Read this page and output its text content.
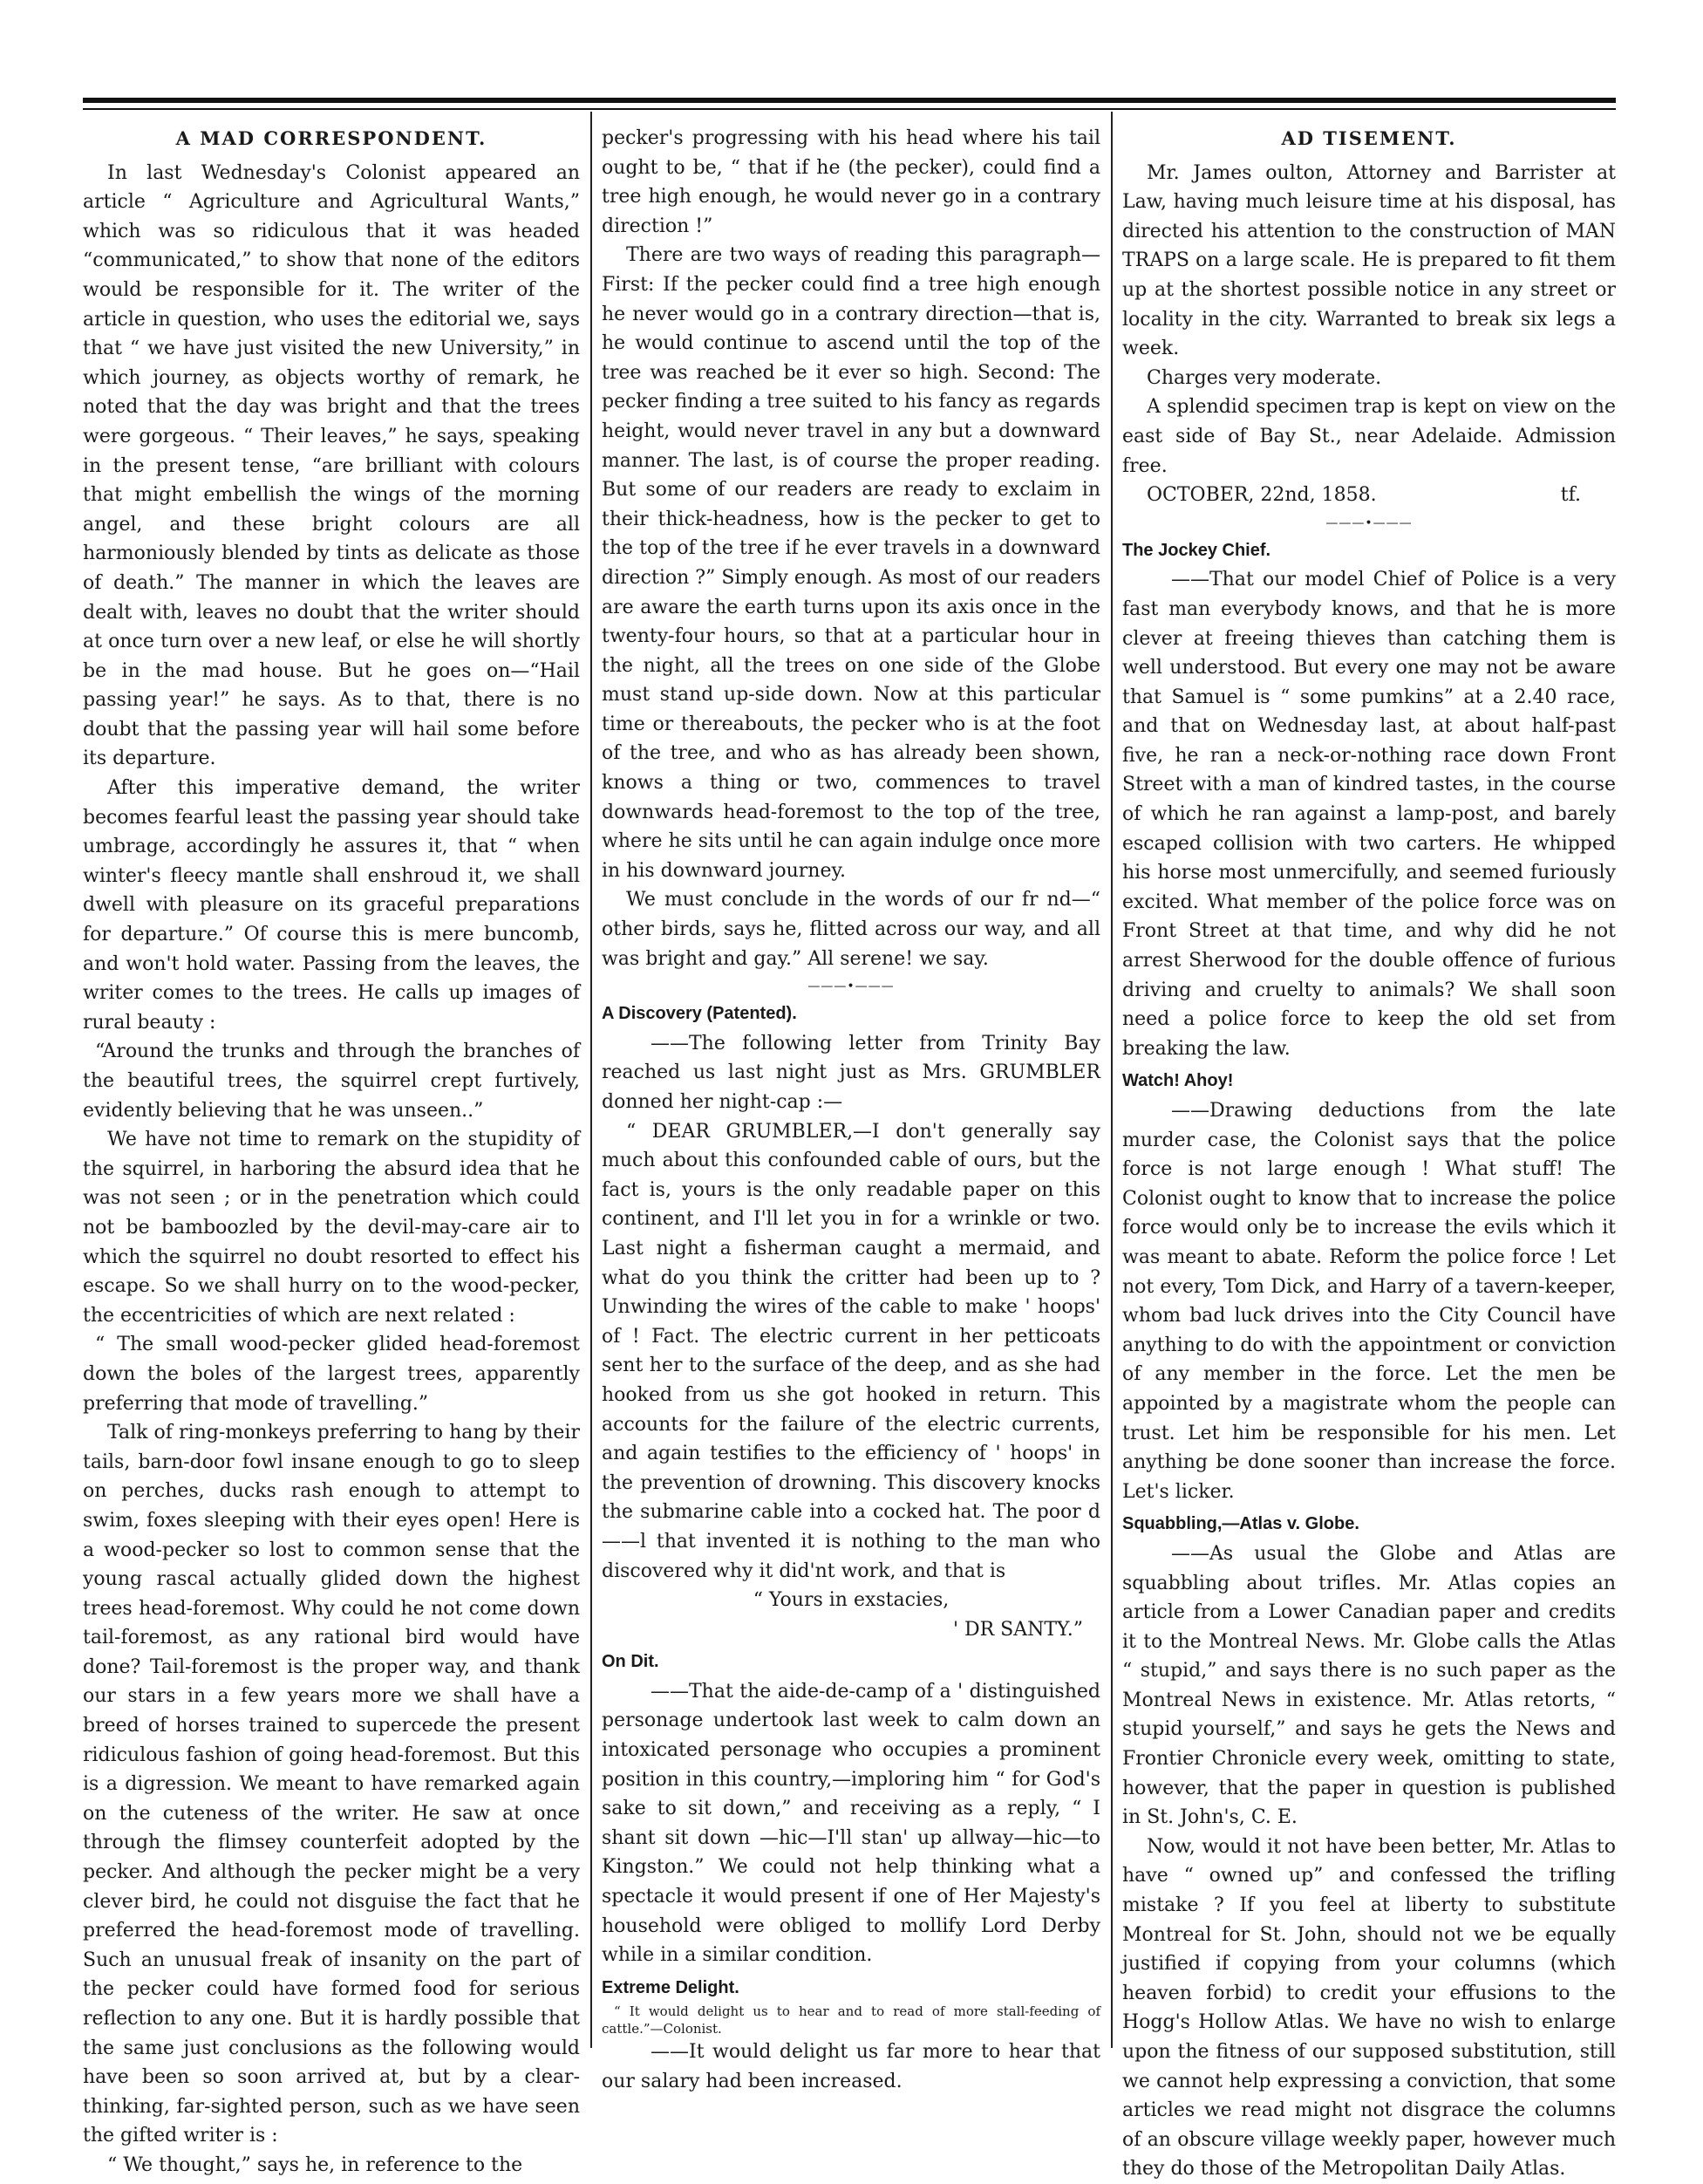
A MAD CORRESPONDENT.

In last Wednesday's Colonist appeared an article “ Agriculture and Agricultural Wants,” which was so ridiculous that it was headed “communicated,” to show that none of the editors would be responsible for it. The writer of the article in question, who uses the editorial we, says that “ we have just visited the new University,” in which journey, as objects worthy of remark, he noted that the day was bright and that the trees were gorgeous. “ Their leaves,” he says, speaking in the present tense, “are brilliant with colours that might embellish the wings of the morning angel, and these bright colours are all harmoniously blended by tints as delicate as those of death.” The manner in which the leaves are dealt with, leaves no doubt that the writer should at once turn over a new leaf, or else he will shortly be in the mad house. But he goes on—“Hail passing year!” he says. As to that, there is no doubt that the passing year will hail some before its departure.

After this imperative demand, the writer becomes fearful least the passing year should take umbrage, accordingly he assures it, that “ when winter's fleecy mantle shall enshroud it, we shall dwell with pleasure on its graceful preparations for departure.” Of course this is mere buncomb, and won't hold water. Passing from the leaves, the writer comes to the trees. He calls up images of rural beauty :

“Around the trunks and through the branches of the beautiful trees, the squirrel crept furtively, evidently believing that he was unseen..”

We have not time to remark on the stupidity of the squirrel, in harboring the absurd idea that he was not seen ; or in the penetration which could not be bamboozled by the devil-may-care air to which the squirrel no doubt resorted to effect his escape. So we shall hurry on to the wood-pecker, the eccentricities of which are next related :

“ The small wood-pecker glided head-foremost down the boles of the largest trees, apparently preferring that mode of travelling.”

Talk of ring-monkeys preferring to hang by their tails, barn-door fowl insane enough to go to sleep on perches, ducks rash enough to attempt to swim, foxes sleeping with their eyes open! Here is a wood-pecker so lost to common sense that the young rascal actually glided down the highest trees head-foremost. Why could he not come down tail-foremost, as any rational bird would have done? Tail-foremost is the proper way, and thank our stars in a few years more we shall have a breed of horses trained to supercede the present ridiculous fashion of going head-foremost. But this is a digression. We meant to have remarked again on the cuteness of the writer. He saw at once through the flimsey counterfeit adopted by the pecker. And although the pecker might be a very clever bird, he could not disguise the fact that he preferred the head-foremost mode of travelling. Such an unusual freak of insanity on the part of the pecker could have formed food for serious reflection to any one. But it is hardly possible that the same just conclusions as the following would have been so soon arrived at, but by a clear-thinking, far-sighted person, such as we have seen the gifted writer is :

“ We thought,” says he, in reference to the

pecker's progressing with his head where his tail ought to be, “ that if he (the pecker), could find a tree high enough, he would never go in a contrary direction !”

There are two ways of reading this paragraph—First: If the pecker could find a tree high enough he never would go in a contrary direction—that is, he would continue to ascend until the top of the tree was reached be it ever so high. Second: The pecker finding a tree suited to his fancy as regards height, would never travel in any but a downward manner. The last, is of course the proper reading. But some of our readers are ready to exclaim in their thick-headness, how is the pecker to get to the top of the tree if he ever travels in a downward direction ?” Simply enough. As most of our readers are aware the earth turns upon its axis once in the twenty-four hours, so that at a particular hour in the night, all the trees on one side of the Globe must stand up-side down. Now at this particular time or thereabouts, the pecker who is at the foot of the tree, and who as has already been shown, knows a thing or two, commences to travel downwards head-foremost to the top of the tree, where he sits until he can again indulge once more in his downward journey.

We must conclude in the words of our fr nd—“ other birds, says he, flitted across our way, and all was bright and gay.” All serene! we say.

———•———
A Discovery (Patented).

——The following letter from Trinity Bay reached us last night just as Mrs. GRUMBLER donned her night-cap :—

“ DEAR GRUMBLER,—I don't generally say much about this confounded cable of ours, but the fact is, yours is the only readable paper on this continent, and I'll let you in for a wrinkle or two. Last night a fisherman caught a mermaid, and what do you think the critter had been up to ? Unwinding the wires of the cable to make ' hoops' of ! Fact. The electric current in her petticoats sent her to the surface of the deep, and as she had hooked from us she got hooked in return. This accounts for the failure of the electric currents, and again testifies to the efficiency of ' hoops' in the prevention of drowning. This discovery knocks the submarine cable into a cocked hat. The poor d——l that invented it is nothing to the man who discovered why it did'nt work, and that is

“ Yours in exstacies,

' DR SANTY.”

On Dit.

——That the aide-de-camp of a ' distinguished personage undertook last week to calm down an intoxicated personage who occupies a prominent position in this country,—imploring him “ for God's sake to sit down,” and receiving as a reply, “ I shant sit down —hic—I'll stan' up allway—hic—to Kingston.” We could not help thinking what a spectacle it would present if one of Her Majesty's household were obliged to mollify Lord Derby while in a similar condition.

Extreme Delight.

“ It would delight us to hear and to read of more stall-feeding of cattle.”—Colonist.

——It would delight us far more to hear that our salary had been increased.

AD TISEMENT.

Mr. James oulton, Attorney and Barrister at Law, having much leisure time at his disposal, has directed his attention to the construction of MAN TRAPS on a large scale. He is prepared to fit them up at the shortest possible notice in any street or locality in the city. Warranted to break six legs a week.

Charges very moderate.

A splendid specimen trap is kept on view on the east side of Bay St., near Adelaide. Admission free.

OCTOBER, 22nd, 1858.	tf.
———•———
The Jockey Chief.

——That our model Chief of Police is a very fast man everybody knows, and that he is more clever at freeing thieves than catching them is well understood. But every one may not be aware that Samuel is “ some pumkins” at a 2.40 race, and that on Wednesday last, at about half-past five, he ran a neck-or-nothing race down Front Street with a man of kindred tastes, in the course of which he ran against a lamp-post, and barely escaped collision with two carters. He whipped his horse most unmercifully, and seemed furiously excited. What member of the police force was on Front Street at that time, and why did he not arrest Sherwood for the double offence of furious driving and cruelty to animals? We shall soon need a police force to keep the old set from breaking the law.

Watch! Ahoy!

——Drawing deductions from the late murder case, the Colonist says that the police force is not large enough ! What stuff! The Colonist ought to know that to increase the police force would only be to increase the evils which it was meant to abate. Reform the police force ! Let not every, Tom Dick, and Harry of a tavern-keeper, whom bad luck drives into the City Council have anything to do with the appointment or conviction of any member in the force. Let the men be appointed by a magistrate whom the people can trust. Let him be responsible for his men. Let anything be done sooner than increase the force. Let's licker.

Squabbling,—Atlas v. Globe.

——As usual the Globe and Atlas are squabbling about trifles. Mr. Atlas copies an article from a Lower Canadian paper and credits it to the Montreal News. Mr. Globe calls the Atlas “ stupid,” and says there is no such paper as the Montreal News in existence. Mr. Atlas retorts, “ stupid yourself,” and says he gets the News and Frontier Chronicle every week, omitting to state, however, that the paper in question is published in St. John's, C. E.

Now, would it not have been better, Mr. Atlas to have “ owned up” and confessed the trifling mistake ? If you feel at liberty to substitute Montreal for St. John, should not we be equally justified if copying from your columns (which heaven forbid) to credit your effusions to the Hogg's Hollow Atlas. We have no wish to enlarge upon the fitness of our supposed substitution, still we cannot help expressing a conviction, that some articles we read might not disgrace the columns of an obscure village weekly paper, however much they do those of the Metropolitan Daily Atlas.
